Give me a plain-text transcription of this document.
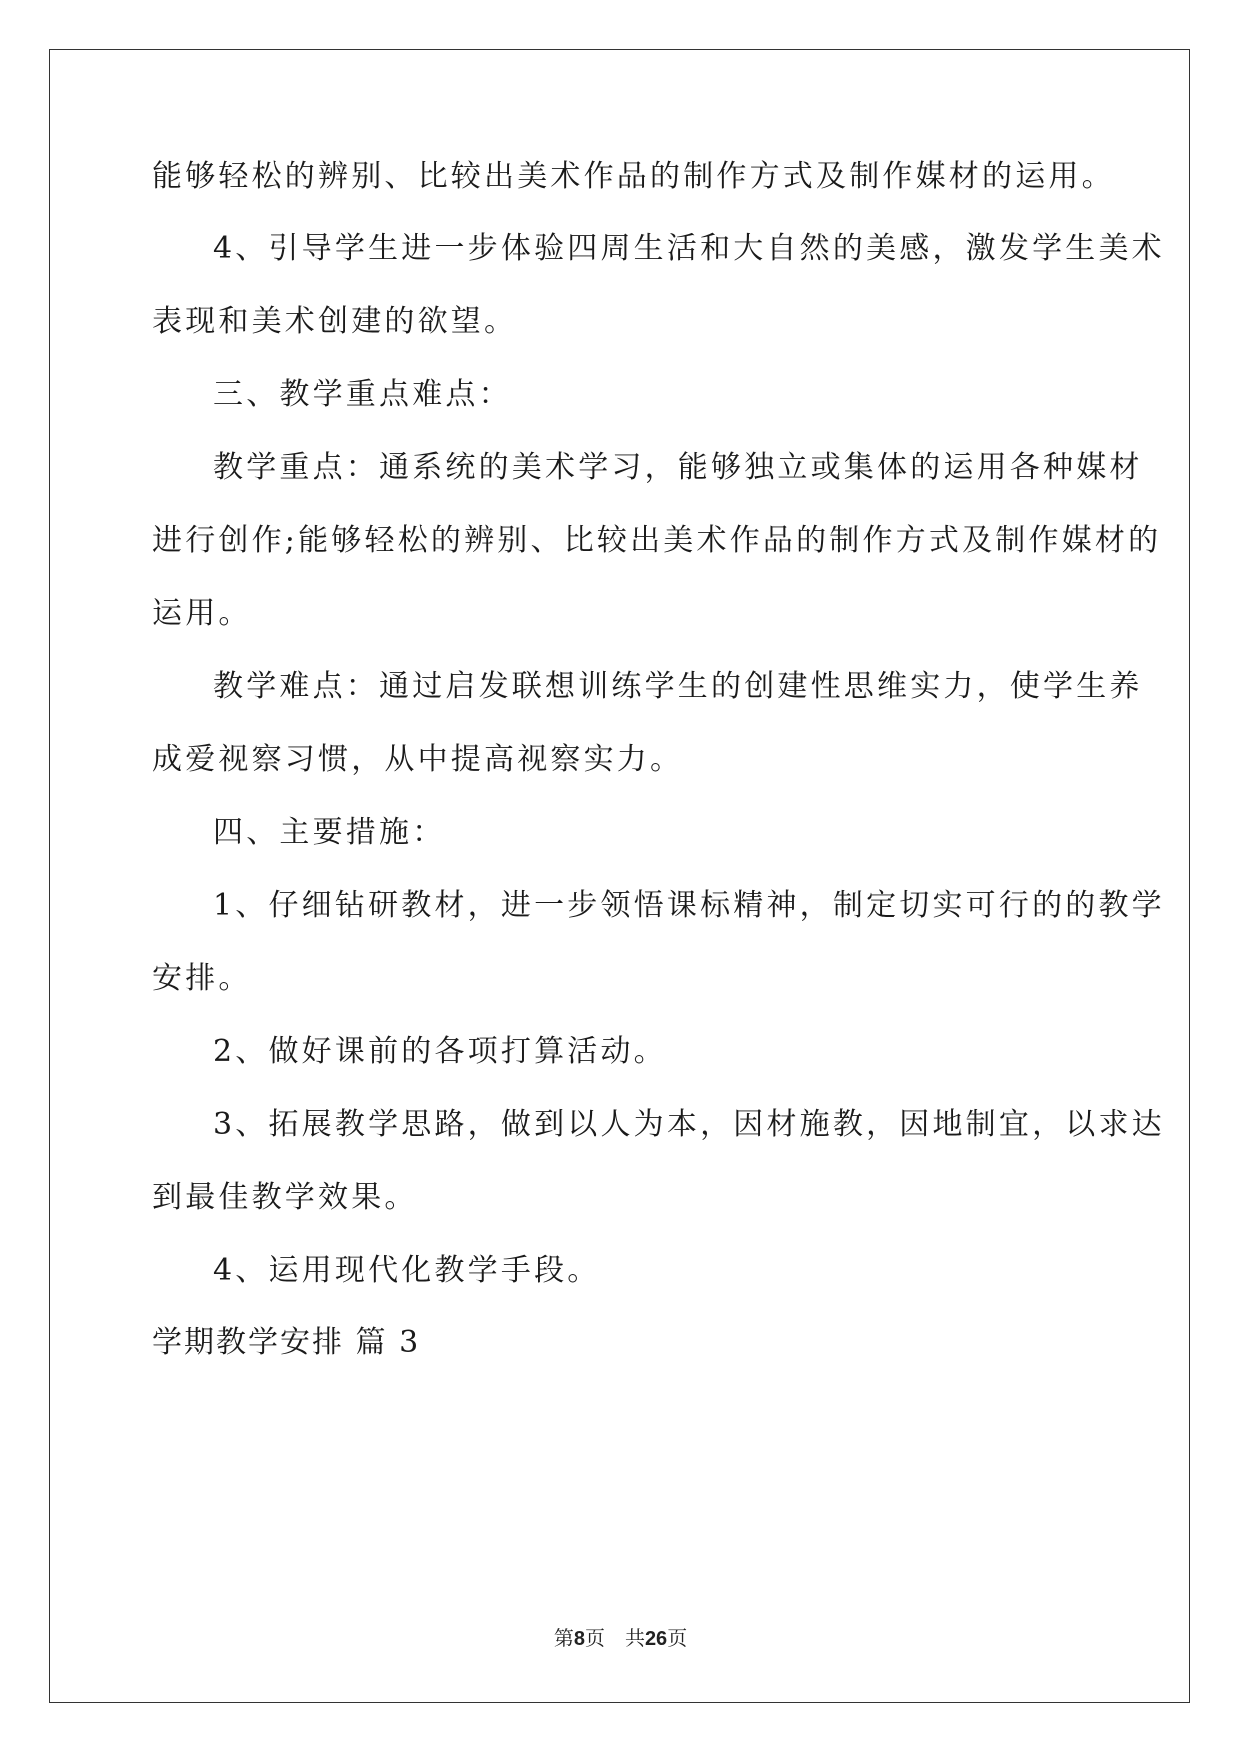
能够轻松的辨别、比较出美术作品的制作方式及制作媒材的运用。
4、引导学生进一步体验四周生活和大自然的美感，激发学生美术
表现和美术创建的欲望。
三、教学重点难点：
教学重点：通系统的美术学习，能够独立或集体的运用各种媒材
进行创作;能够轻松的辨别、比较出美术作品的制作方式及制作媒材的
运用。
教学难点：通过启发联想训练学生的创建性思维实力，使学生养
成爱视察习惯，从中提高视察实力。
四、主要措施：
1、仔细钻研教材，进一步领悟课标精神，制定切实可行的的教学
安排。
2、做好课前的各项打算活动。
3、拓展教学思路，做到以人为本，因材施教，因地制宜，以求达
到最佳教学效果。
4、运用现代化教学手段。
学期教学安排 篇 3
第8页 共26页
